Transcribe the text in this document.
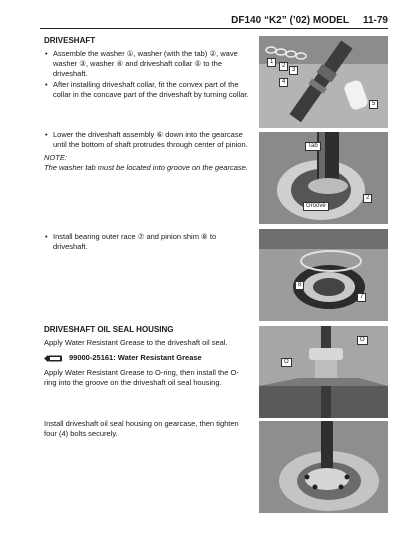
DF140 “K2” (’02) MODEL 11-79
DRIVESHAFT
• Assemble the washer ①, washer (with the tab) ②, wave washer ③, washer ④ and driveshaft collar ⑤ to the driveshaft.
• After installing driveshaft collar, fit the convex part of the collar in the concave part of the driveshaft by turning collar.
• Lower the driveshaft assembly ⑥ down into the gearcase until the bottom of shaft protrudes through center of pinion.
NOTE:
The washer tab must be located into groove on the gearcase.
• Install bearing outer race ⑦ and pinion shim ⑧ to driveshaft.
DRIVESHAFT OIL SEAL HOUSING
Apply Water Resistant Grease to the driveshaft oil seal.
99000-25161: Water Resistant Grease
Apply Water Resistant Grease to O-ring, then install the O-ring into the groove on the driveshaft oil seal housing.
Install driveshaft oil seal housing on gearcase, then tighten four (4) bolts securely.
1
2
3
4
5
Tab
Groove
2
8
7
O
O
